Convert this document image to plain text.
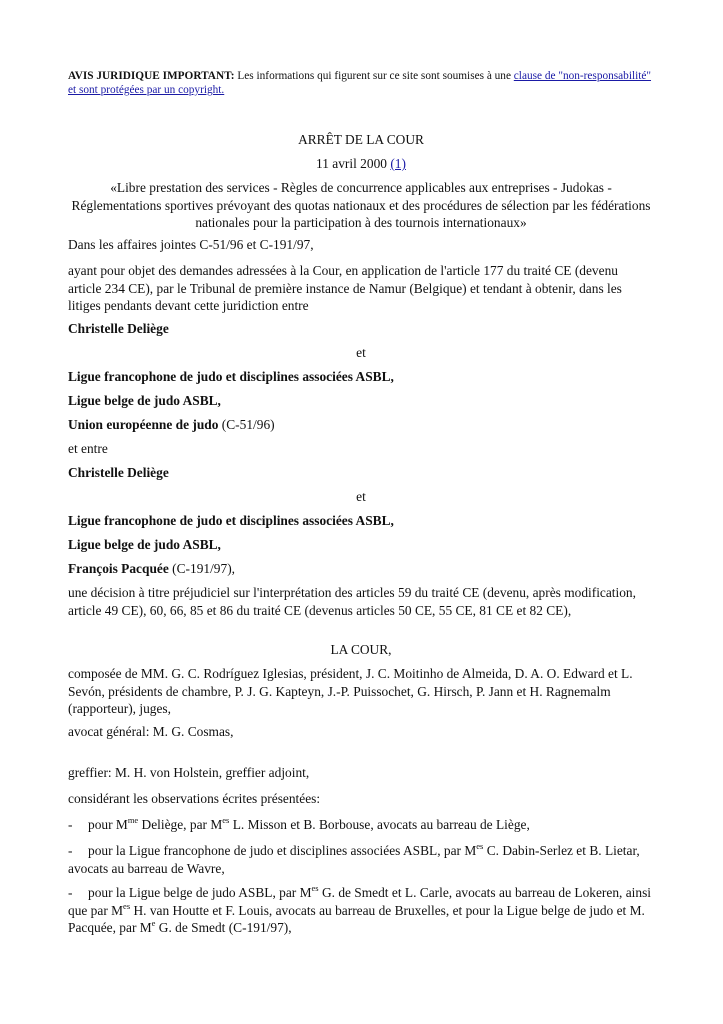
AVIS JURIDIQUE IMPORTANT: Les informations qui figurent sur ce site sont soumises à une clause de "non-responsabilité" et sont protégées par un copyright.
ARRÊT DE LA COUR
11 avril 2000 (1)
«Libre prestation des services - Règles de concurrence applicables aux entreprises - Judokas - Réglementations sportives prévoyant des quotas nationaux et des procédures de sélection par les fédérations nationales pour la participation à des tournois internationaux»
Dans les affaires jointes C-51/96 et C-191/97,
ayant pour objet des demandes adressées à la Cour, en application de l'article 177 du traité CE (devenu article 234 CE), par le Tribunal de première instance de Namur (Belgique) et tendant à obtenir, dans les litiges pendants devant cette juridiction entre
Christelle Deliège
et
Ligue francophone de judo et disciplines associées ASBL,
Ligue belge de judo ASBL,
Union européenne de judo (C-51/96)
et entre
Christelle Deliège
et
Ligue francophone de judo et disciplines associées ASBL,
Ligue belge de judo ASBL,
François Pacquée (C-191/97),
une décision à titre préjudiciel sur l'interprétation des articles 59 du traité CE (devenu, après modification, article 49 CE), 60, 66, 85 et 86 du traité CE (devenus articles 50 CE, 55 CE, 81 CE et 82 CE),
LA COUR,
composée de MM. G. C. Rodríguez Iglesias, président, J. C. Moitinho de Almeida, D. A. O. Edward et L. Sevón, présidents de chambre, P. J. G. Kapteyn, J.-P. Puissochet, G. Hirsch, P. Jann et H. Ragnemalm (rapporteur), juges,
avocat général: M. G. Cosmas,
greffier: M. H. von Holstein, greffier adjoint,
considérant les observations écrites présentées:
- pour $M^{me}$ Deliège, par $M^{es}$ L. Misson et B. Borbouse, avocats au barreau de Liège,
- pour la Ligue francophone de judo et disciplines associées ASBL, par $M^{es}$ C. Dabin-Serlez et B. Lietar, avocats au barreau de Wavre,
- pour la Ligue belge de judo ASBL, par $M^{es}$ G. de Smedt et L. Carle, avocats au barreau de Lokeren, ainsi que par $M^{es}$ H. van Houtte et F. Louis, avocats au barreau de Bruxelles, et pour la Ligue belge de judo et M. Pacquée, par Me G. de Smedt (C-191/97),
